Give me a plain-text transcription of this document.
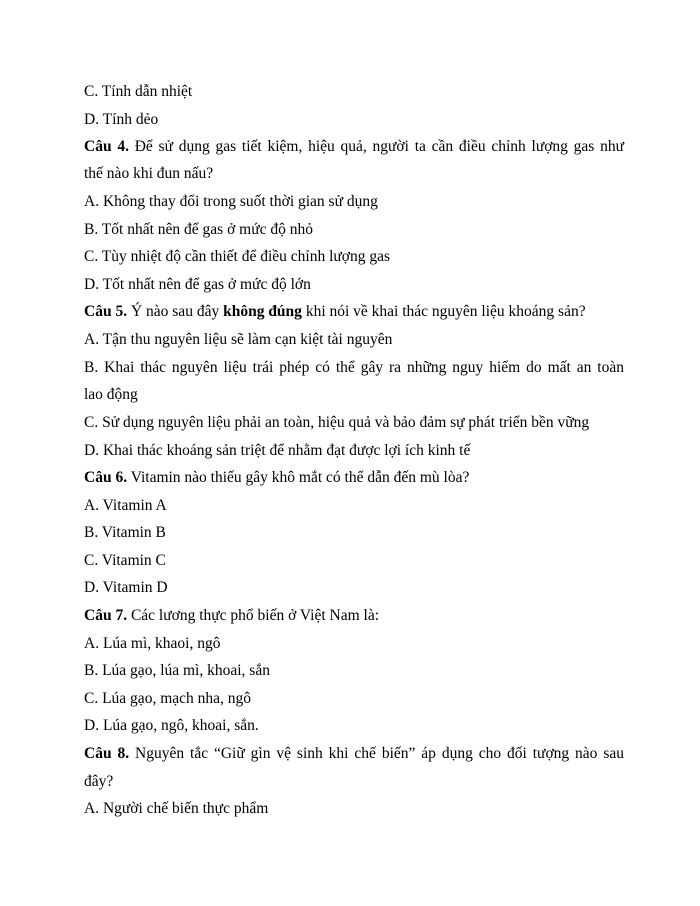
C. Tính dẫn nhiệt
D. Tính dẻo
Câu 4. Để sử dụng gas tiết kiệm, hiệu quả, người ta cần điều chỉnh lượng gas như
thế nào khi đun nấu?
A. Không thay đổi trong suốt thời gian sử dụng
B. Tốt nhất nên để gas ở mức độ nhỏ
C. Tùy nhiệt độ cần thiết để điều chỉnh lượng gas
D. Tốt nhất nên để gas ở mức độ lớn
Câu 5. Ý nào sau đây không đúng khi nói về khai thác nguyên liệu khoáng sản?
A. Tận thu nguyên liệu sẽ làm cạn kiệt tài nguyên
B. Khai thác nguyên liệu trái phép có thể gây ra những nguy hiểm do mất an toàn
lao động
C. Sử dụng nguyên liệu phải an toàn, hiệu quả và bảo đảm sự phát triển bền vững
D. Khai thác khoáng sản triệt để nhằm đạt được lợi ích kinh tế
Câu 6. Vitamin nào thiếu gây khô mắt có thể dẫn đến mù lòa?
A. Vitamin A
B. Vitamin B
C. Vitamin C
D. Vitamin D
Câu 7. Các lương thực phổ biến ở Việt Nam là:
A. Lúa mì, khaoi, ngô
B. Lúa gạo, lúa mì, khoai, sắn
C. Lúa gạo, mạch nha, ngô
D. Lúa gạo, ngô, khoai, sắn.
Câu 8. Nguyên tắc “Giữ gìn vệ sinh khi chế biến” áp dụng cho đối tượng nào sau
đây?
A. Người chế biến thực phẩm
